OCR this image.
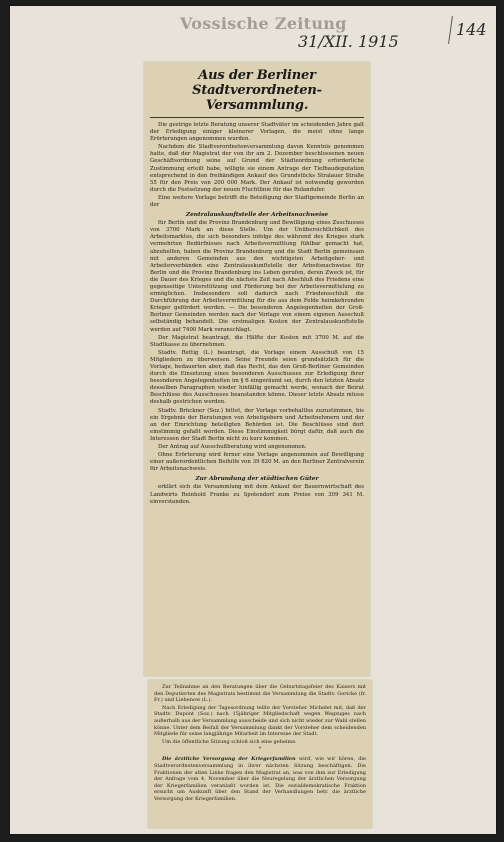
Vossische Zeitung
31/XII. 1915
144
Aus der Berliner
Stadtverordneten-Versammlung.

Die gestrige letzte Beratung unserer Stadtväter im scheidenden Jahre galt der Erledigung einiger kleinerer Vorlagen, die meist ohne lange Erörterungen angenommen wurden.

Nachdem die Stadtverordnetenversammlung davon Kenntnis genommen hatte, daß der Magistrat der von ihr am 2. Dezember beschlossenen neuen Geschäftsordnung seine auf Grund der Städteordnung erforderliche Zustimmung erteilt habe, willigte sie einem Antrage der Tiefbaudeputation entsprechend in den freihändigen Ankauf des Grundstücks Stralauer Straße 55 für den Preis von 200 000 Mark. Der Ankauf ist notwendig geworden durch die Festsetzung der neuen Fluchtlinie für das Rolandufer.

Eine weitere Vorlage betrifft die Beteiligung der Stadtgemeinde Berlin an der

Zentralauskunftstelle der Arbeitsnachweise

für Berlin und die Provinz Brandenburg und Bewilligung eines Zuschusses von 3700 Mark an diese Stelle. Um der Unübersichtlichkeit des Arbeitsmarktes, die sich besonders infolge des während des Krieges stark vermehrten Bedürfnisses nach Arbeitsvermittlung fühlbar gemacht hat, abzuhelfen, haben die Provinz Brandenburg und die Stadt Berlin gemeinsam mit anderen Gemeinden aus den wichtigsten Arbeitgeber- und Arbeiterverbänden eine Zentralauskunftstelle der Arbeitsnachweise für Berlin und die Provinz Brandenburg ins Leben gerufen, deren Zweck ist, für die Dauer des Krieges und die nächste Zeit nach Abschluß des Friedens eine gegenseitige Unterstützung und Förderung bei der Arbeitsvermittelung zu ermöglichen. Insbesondere soll dadurch nach Friedensschluß die Durchführung der Arbeitsvermittlung für die aus dem Felde heimkehrenden Krieger gefördert werden. — Die besonderen Angelegenheiten der Groß-Berliner Gemeinden werden nach der Vorlage von einem eigenen Ausschuß selbständig behandelt. Die erstmaligen Kosten der Zentralauskunftstelle werden auf 7400 Mark veranschlagt.

Der Magistrat beantragt, die Hälfte der Kosten mit 3700 M. auf die Stadtkasse zu übernehmen.

Stadtv. Rettig (L.) beantragt, die Vorlage einem Ausschuß von 15 Mitgliedern zu überweisen. Seine Freunde seien grundsätzlich für die Vorlage, bedauerten aber, daß das Recht, das den Groß-Berliner Gemeinden durch die Einsetzung eines besonderen Ausschusses zur Erledigung ihrer besonderen Angelegenheiten im § 6 eingeräumt sei, durch den letzten Absatz desselben Paragraphen wieder hinfällig gemacht werde, wonach der Beirat Beschlüsse des Ausschusses beanstanden könne. Dieser letzte Absatz müsse deshalb gestrichen werden.

Stadtv. Brückner (Soz.) bittet, der Vorlage vorbehaltlos zuzustimmen, bis ein Ergebnis der Beratungen von Arbeitgebern und Arbeitnehmern und der an der Einrichtung beteiligten Behörden ist. Die Beschlüsse sind dort einstimmig gefaßt worden. Diese Einstimmigkeit bürgt dafür, daß auch die Interessen der Stadt Berlin nicht zu kurz kommen.

Der Antrag auf Ausschußberatung wird angenommen.

Ohne Erörterung wird ferner eine Vorlage angenommen auf Bewilligung einer außerordentlichen Beihilfe von 39 820 M. an den Berliner Zentralverein für Arbeitsnachweis.

Zur Abrundung der städtischen Güter

erklärt sich die Versammlung mit dem Ankauf der Bauernwirtschaft des Landwirts Reinhold Franke zu Spotendorf zum Preise von 309 341 M. einverstanden.

Zur Teilnahme an den Beratungen über die Geburtstagsfeier des Kaisers mit den Deputierten des Magistrats bestimmt die Versammlung die Stadtv. Gericke (fr. Fr.) und Liebenow (L.).

Nach Erledigung der Tagesordnung teilte der Vorsteher Michelet mit, daß der Stadtv. Dupont (Soz.) nach 15jähriger Mitgliedschaft wegen Wegzuges nach außerhalb aus der Versammlung ausscheide und sich nicht wieder zur Wahl stellen könne. Unter dem Beifall der Versammlung dankt der Vorsteher dem scheidenden Mitgliede für seine langjährige Mitarbeit im Interesse der Stadt.

Um die öffentliche Sitzung schloß sich eine geheime.

*

Die ärztliche Versorgung der Kriegerfamilien wird, wie wir hören, die Stadtverordnetenversammlung in ihrer nächsten Sitzung beschäftigen. Die Fraktionen der alten Linke fragen den Magistrat an, was von ihm zur Erledigung der Anfrage vom 4. November über die Neuregelung der ärztlichen Versorgung der Kriegerfamilien veranlaßt worden ist. Die sozialdemokratische Fraktion ersucht um Auskunft über den Stand der Verhandlungen betr. die ärztliche Versorgung der Kriegerfamilien.
